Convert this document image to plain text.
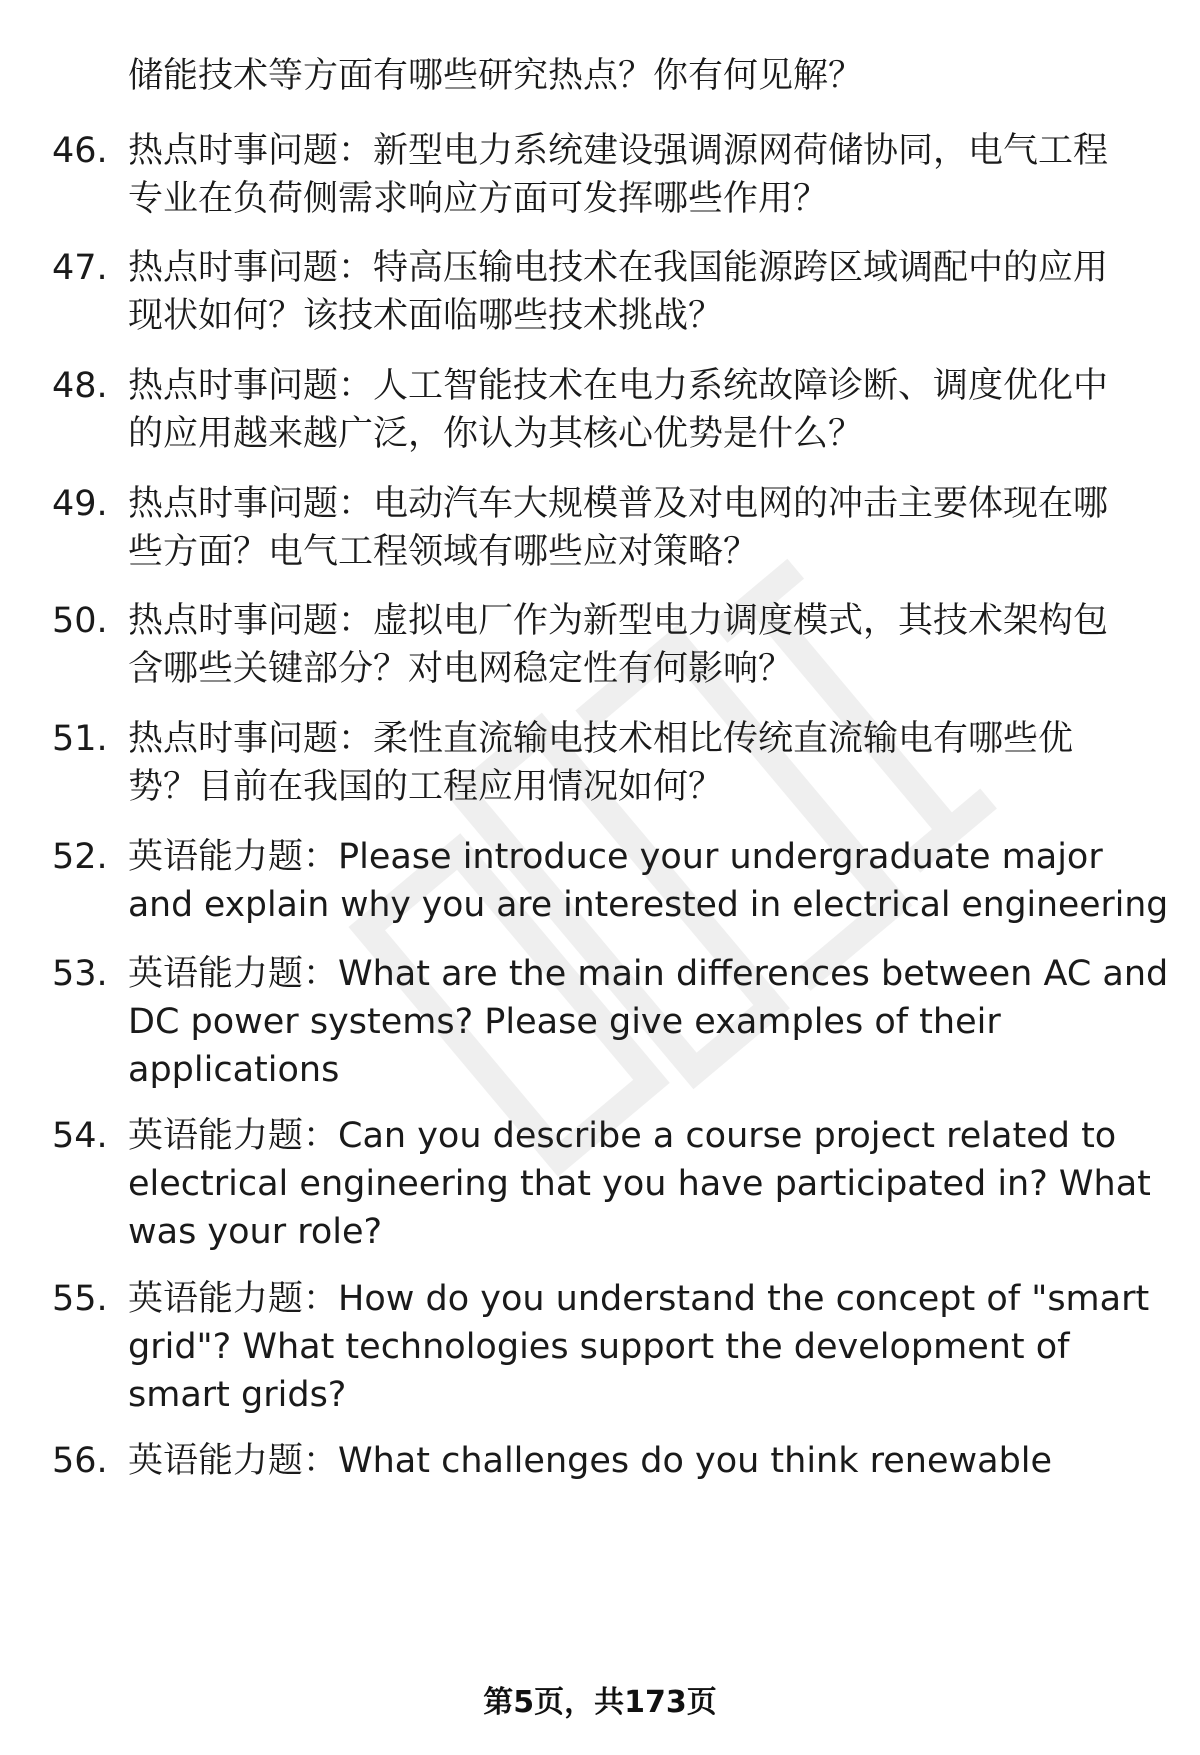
储能技术等方面有哪些研究热点？你有何见解？
46. 热点时事问题：新型电力系统建设强调源网荷储协同，电气工程
专业在负荷侧需求响应方面可发挥哪些作用？
47. 热点时事问题：特高压输电技术在我国能源跨区域调配中的应用
现状如何？该技术面临哪些技术挑战？
48. 热点时事问题：人工智能技术在电力系统故障诊断、调度优化中
的应用越来越广泛，你认为其核心优势是什么？
49. 热点时事问题：电动汽车大规模普及对电网的冲击主要体现在哪
些方面？电气工程领域有哪些应对策略？
50. 热点时事问题：虚拟电厂作为新型电力调度模式，其技术架构包
含哪些关键部分？对电网稳定性有何影响？
51. 热点时事问题：柔性直流输电技术相比传统直流输电有哪些优
势？目前在我国的工程应用情况如何？
52. 英语能力题：Please introduce your undergraduate major
and explain why you are interested in electrical engineering
53. 英语能力题：What are the main differences between AC and
DC power systems? Please give examples of their
applications
54. 英语能力题：Can you describe a course project related to
electrical engineering that you have participated in? What
was your role?
55. 英语能力题：How do you understand the concept of "smart
grid"? What technologies support the development of
smart grids?
56. 英语能力题：What challenges do you think renewable
第5页，共173页
